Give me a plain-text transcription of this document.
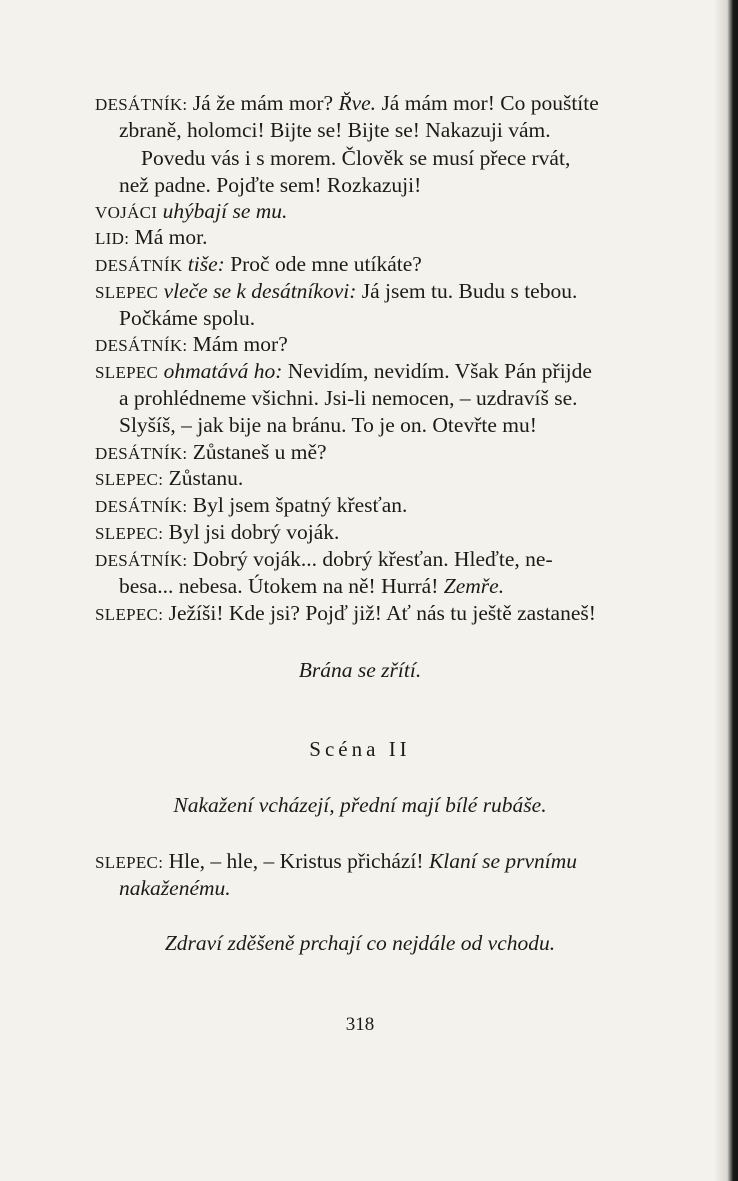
DESÁTNÍK: Já že mám mor? Řve. Já mám mor! Co pouštíte
zbraně, holomci! Bijte se! Bijte se! Nakazuji vám.
Povedu vás i s morem. Člověk se musí přece rvát,
než padne. Pojďte sem! Rozkazuji!
VOJÁCI uhýbají se mu.
LID: Má mor.
DESÁTNÍK tiše: Proč ode mne utíkáte?
SLEPEC vleče se k desátníkovi: Já jsem tu. Budu s tebou.
Počkáme spolu.
DESÁTNÍK: Mám mor?
SLEPEC ohmatává ho: Nevidím, nevidím. Však Pán přijde
a prohlédneme všichni. Jsi-li nemocen, – uzdravíš se.
Slyšíš, – jak bije na bránu. To je on. Otevřte mu!
DESÁTNÍK: Zůstaneš u mě?
SLEPEC: Zůstanu.
DESÁTNÍK: Byl jsem špatný křesťan.
SLEPEC: Byl jsi dobrý voják.
DESÁTNÍK: Dobrý voják... dobrý křesťan. Hleďte, ne-
besa... nebesa. Útokem na ně! Hurrá! Zemře.
SLEPEC: Ježíši! Kde jsi? Pojď již! Ať nás tu ještě zastaneš!
Brána se zřítí.
Scéna II
Nakažení vcházejí, přední mají bílé rubáše.
SLEPEC: Hle, – hle, – Kristus přichází! Klaní se prvnímu
nakaženému.
Zdraví zděšeně prchají co nejdále od vchodu.
318
